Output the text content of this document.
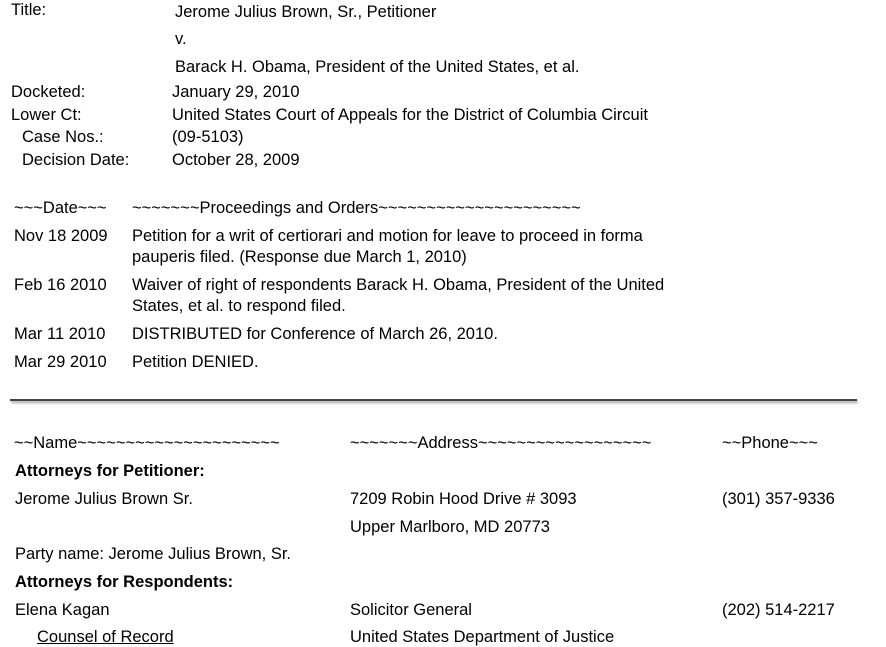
Title:	Jerome Julius Brown, Sr., Petitioner
v.
Barack H. Obama, President of the United States, et al.
Docketed:	January 29, 2010
Lower Ct:	United States Court of Appeals for the District of Columbia Circuit
Case Nos.:	(09-5103)
Decision Date:	October 28, 2009
~~~Date~~~ ~~~~~~~Proceedings and Orders~~~~~~~~~~~~~~~~~~~~~
Nov 18 2009 Petition for a writ of certiorari and motion for leave to proceed in forma
pauperis filed. (Response due March 1, 2010)
Feb 16 2010 Waiver of right of respondents Barack H. Obama, President of the United
States, et al. to respond filed.
Mar 11 2010 DISTRIBUTED for Conference of March 26, 2010.
Mar 29 2010 Petition DENIED.
~~Name~~~~~~~~~~~~~~~~~~~~~	~~~~~~~Address~~~~~~~~~~~~~~~~~~	~~Phone~~~
Attorneys for Petitioner:
Jerome Julius Brown Sr.	7209 Robin Hood Drive # 3093	(301) 357-9336
Upper Marlboro, MD 20773
Party name: Jerome Julius Brown, Sr.
Attorneys for Respondents:
Elena Kagan	Solicitor General	(202) 514-2217
Counsel of Record	United States Department of Justice
